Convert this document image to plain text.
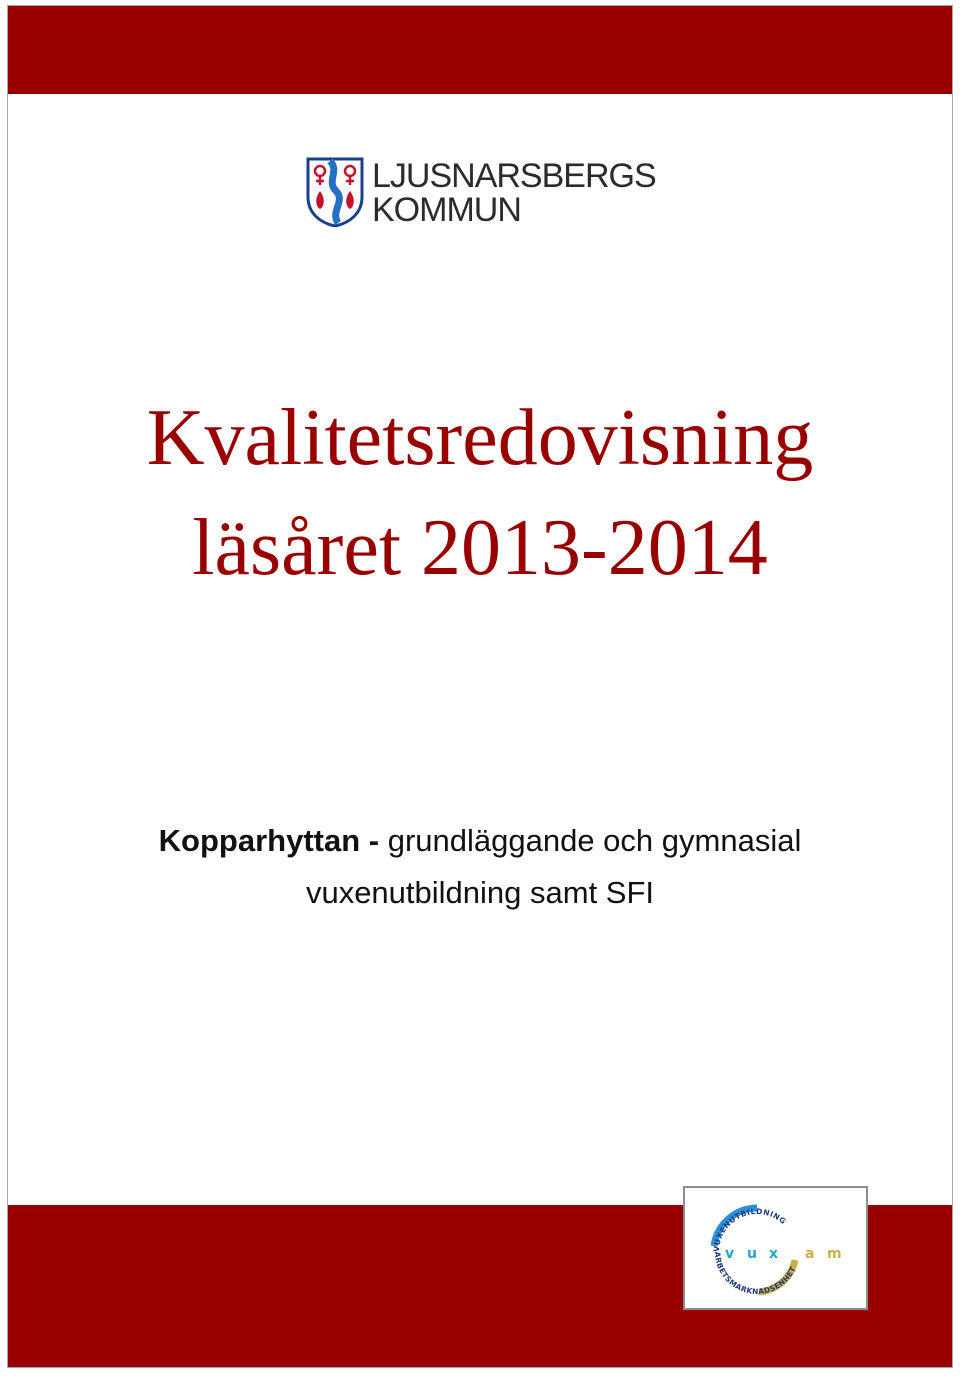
LJUSNARSBERGS
KOMMUN
Kvalitetsredovisning
läsåret 2013-2014
Kopparhyttan - grundläggande och gymnasial
vuxenutbildning samt SFI
VUXENUTBILDNING
ARBETSMARKNADSENHET
v u x a m
